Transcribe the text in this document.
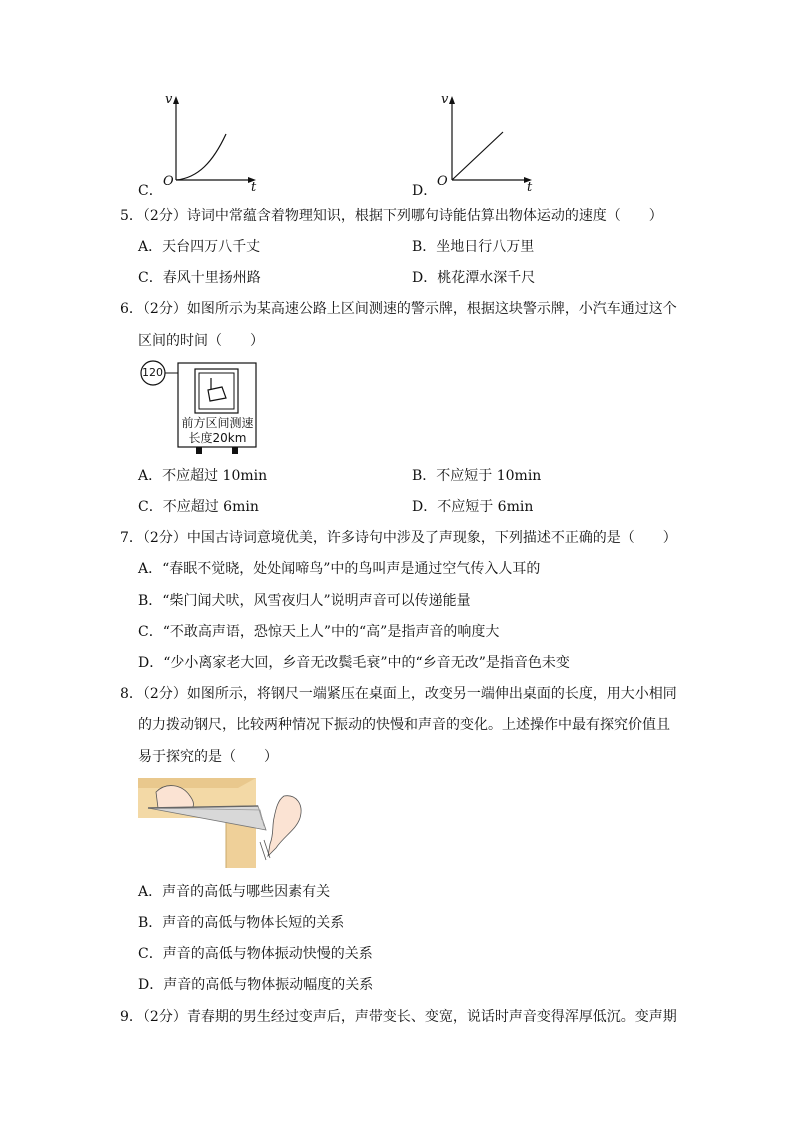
C．
v
t
O
D．
v
t
O
5．（2分）诗词中常蕴含着物理知识，根据下列哪句诗能估算出物体运动的速度（　　）
A．天台四万八千丈	B．坐地日行八万里
C．春风十里扬州路	D．桃花潭水深千尺
6．（2分）如图所示为某高速公路上区间测速的警示牌，根据这块警示牌，小汽车通过这个
区间的时间（　　）
120
前方区间测速
长度20km
A．不应超过 10min	B．不应短于 10min
C．不应超过 6min	D．不应短于 6min
7．（2分）中国古诗词意境优美，许多诗句中涉及了声现象，下列描述不正确的是（　　）
A．“春眠不觉晓，处处闻啼鸟”中的鸟叫声是通过空气传入人耳的
B．“柴门闻犬吠，风雪夜归人”说明声音可以传递能量
C．“不敢高声语，恐惊天上人”中的“高”是指声音的响度大
D．“少小离家老大回，乡音无改鬓毛衰”中的“乡音无改”是指音色未变
8．（2分）如图所示，将钢尺一端紧压在桌面上，改变另一端伸出桌面的长度，用大小相同
的力拨动钢尺，比较两种情况下振动的快慢和声音的变化。上述操作中最有探究价值且
易于探究的是（　　）
A．声音的高低与哪些因素有关
B．声音的高低与物体长短的关系
C．声音的高低与物体振动快慢的关系
D．声音的高低与物体振动幅度的关系
9．（2分）青春期的男生经过变声后，声带变长、变宽，说话时声音变得浑厚低沉。变声期
